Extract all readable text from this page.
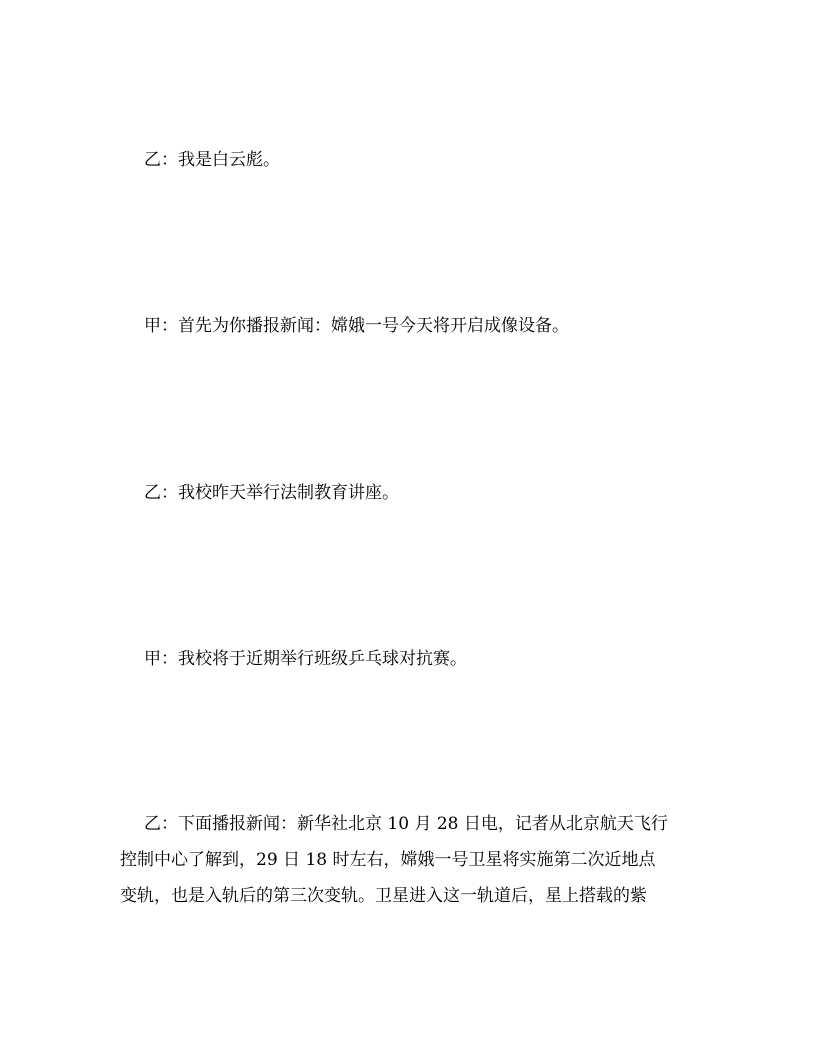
乙：我是白云彪。

甲：首先为你播报新闻：嫦娥一号今天将开启成像设备。

乙：我校昨天举行法制教育讲座。

甲：我校将于近期举行班级乒乓球对抗赛。

乙：下面播报新闻：新华社北京 10 月 28 日电，记者从北京航天飞行
控制中心了解到，29 日 18 时左右，嫦娥一号卫星将实施第二次近地点
变轨，也是入轨后的第三次变轨。卫星进入这一轨道后，星上搭载的紫
